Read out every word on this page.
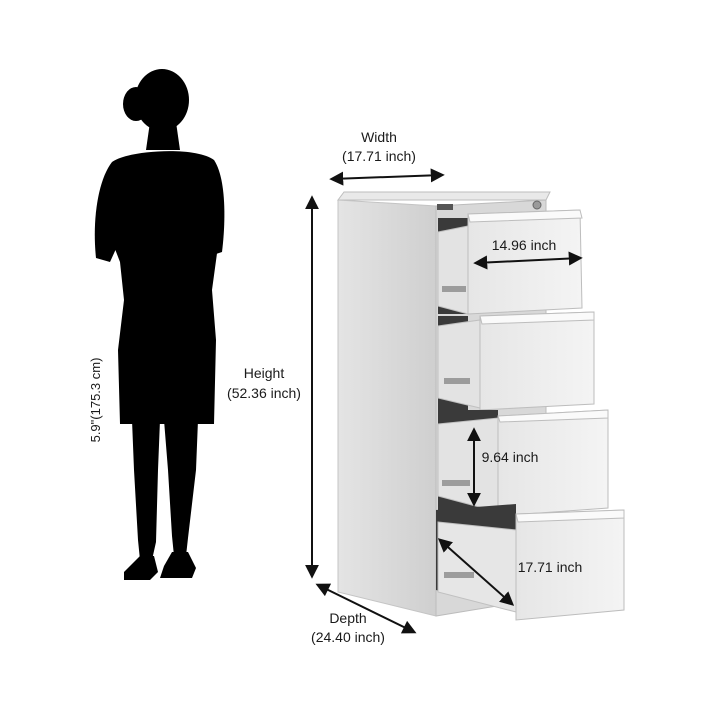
5.9"(175.3 cm)
Width
(17.71 inch)
Height
(52.36 inch)
Depth
(24.40 inch)
14.96 inch
9.64 inch
17.71 inch
